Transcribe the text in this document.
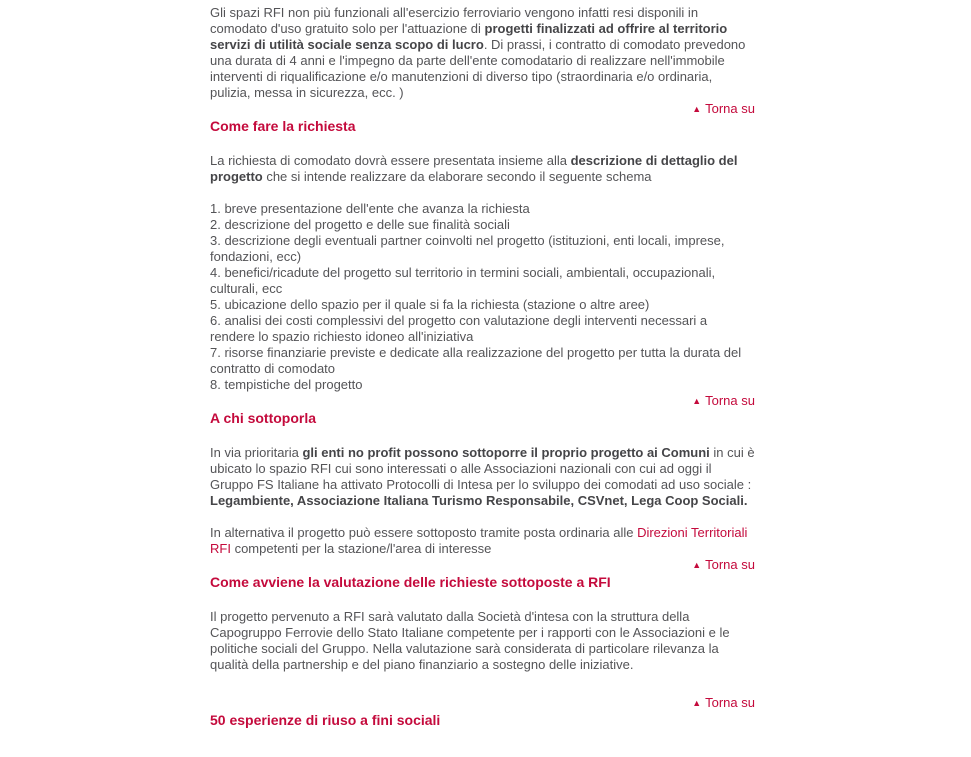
Gli spazi RFI non più funzionali all'esercizio ferroviario vengono infatti resi disponili in comodato d'uso gratuito solo per l'attuazione di progetti finalizzati ad offrire al territorio servizi di utilità sociale senza scopo di lucro. Di prassi, i contratto di comodato prevedono una durata di 4 anni e l'impegno da parte dell'ente comodatario di realizzare nell'immobile interventi di riqualificazione e/o manutenzioni di diverso tipo (straordinaria e/o ordinaria, pulizia, messa in sicurezza, ecc. )

▲ Torna su
Come fare la richiesta

La richiesta di comodato dovrà essere presentata insieme alla descrizione di dettaglio del progetto che si intende realizzare da elaborare secondo il seguente schema

1. breve presentazione dell'ente che avanza la richiesta
2. descrizione del progetto e delle sue finalità sociali
3. descrizione degli eventuali partner coinvolti nel progetto (istituzioni, enti locali, imprese, fondazioni, ecc)
4. benefici/ricadute del progetto sul territorio in termini sociali, ambientali, occupazionali, culturali, ecc
5. ubicazione dello spazio per il quale si fa la richiesta (stazione o altre aree)
6. analisi dei costi complessivi del progetto con valutazione degli interventi necessari a rendere lo spazio richiesto idoneo all'iniziativa
7. risorse finanziarie previste e dedicate alla realizzazione del progetto per tutta la durata del contratto di comodato
8. tempistiche del progetto
▲ Torna su
A chi sottoporla

In via prioritaria gli enti no profit possono sottoporre il proprio progetto ai Comuni in cui è ubicato lo spazio RFI cui sono interessati o alle Associazioni nazionali con cui ad oggi il Gruppo FS Italiane ha attivato Protocolli di Intesa per lo sviluppo dei comodati ad uso sociale : Legambiente, Associazione Italiana Turismo Responsabile, CSVnet, Lega Coop Sociali.

In alternativa il progetto può essere sottoposto tramite posta ordinaria alle Direzioni Territoriali RFI competenti per la stazione/l'area di interesse

▲ Torna su
Come avviene la valutazione delle richieste sottoposte a RFI

Il progetto pervenuto a RFI sarà valutato dalla Società d'intesa con la struttura della Capogruppo Ferrovie dello Stato Italiane competente per i rapporti con le Associazioni e le politiche sociali del Gruppo. Nella valutazione sarà considerata di particolare rilevanza la qualità della partnership e del piano finanziario a sostegno delle iniziative.

▲ Torna su
50 esperienze di riuso a fini sociali
